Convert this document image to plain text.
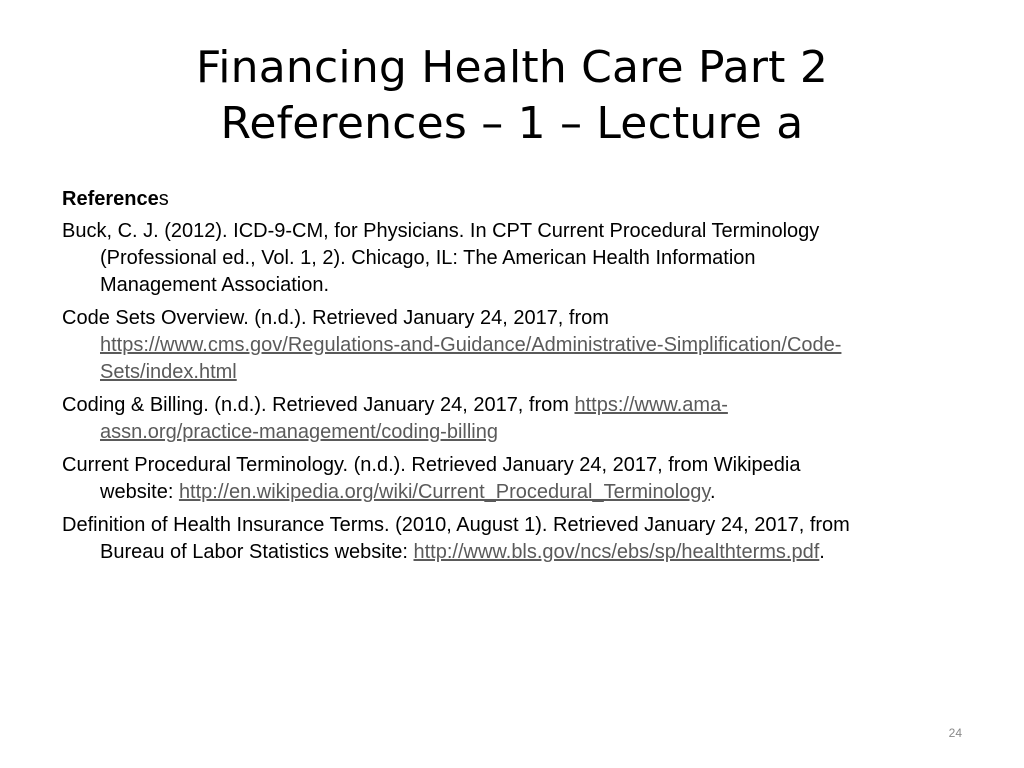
Financing Health Care Part 2
References – 1 – Lecture a
References
Buck, C. J. (2012). ICD-9-CM, for Physicians. In CPT Current Procedural Terminology
(Professional ed., Vol. 1, 2). Chicago, IL: The American Health Information
Management Association.
Code Sets Overview. (n.d.). Retrieved January 24, 2017, from
https://www.cms.gov/Regulations-and-Guidance/Administrative-Simplification/Code-
Sets/index.html
Coding & Billing. (n.d.). Retrieved January 24, 2017, from https://www.ama-
assn.org/practice-management/coding-billing
Current Procedural Terminology. (n.d.). Retrieved January 24, 2017, from Wikipedia
website: http://en.wikipedia.org/wiki/Current_Procedural_Terminology.
Definition of Health Insurance Terms. (2010, August 1). Retrieved January 24, 2017, from
Bureau of Labor Statistics website: http://www.bls.gov/ncs/ebs/sp/healthterms.pdf.
24
